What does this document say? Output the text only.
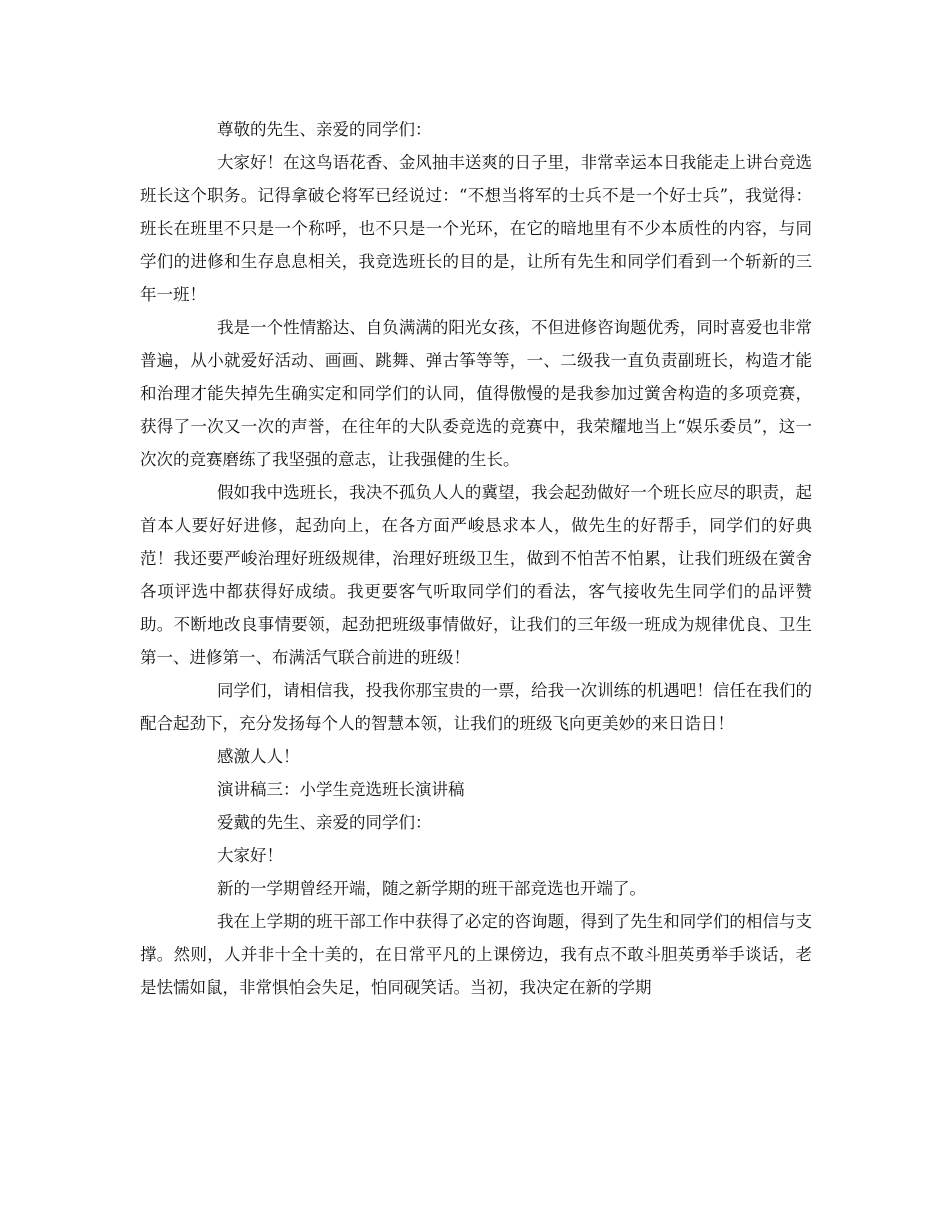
尊敬的先生、亲爱的同学们：

大家好！在这鸟语花香、金风抽丰送爽的日子里，非常幸运本日我能走上讲台竞选班长这个职务。记得拿破仑将军已经说过：“不想当将军的士兵不是一个好士兵”，我觉得：班长在班里不只是一个称呼，也不只是一个光环，在它的暗地里有不少本质性的内容，与同学们的进修和生存息息相关，我竞选班长的目的是，让所有先生和同学们看到一个斩新的三年一班！

我是一个性情豁达、自负满满的阳光女孩，不但进修咨询题优秀，同时喜爱也非常普遍，从小就爱好活动、画画、跳舞、弹古筝等等，一、二级我一直负责副班长，构造才能和治理才能失掉先生确实定和同学们的认同，值得傲慢的是我参加过黉舍构造的多项竞赛，获得了一次又一次的声誉，在往年的大队委竞选的竞赛中，我荣耀地当上“娱乐委员”，这一次次的竞赛磨练了我坚强的意志，让我强健的生长。

假如我中选班长，我决不孤负人人的冀望，我会起劲做好一个班长应尽的职责，起首本人要好好进修，起劲向上，在各方面严峻恳求本人，做先生的好帮手，同学们的好典范！我还要严峻治理好班级规律，治理好班级卫生，做到不怕苦不怕累，让我们班级在黉舍各项评选中都获得好成绩。我更要客气听取同学们的看法，客气接收先生同学们的品评赞助。不断地改良事情要领，起劲把班级事情做好，让我们的三年级一班成为规律优良、卫生第一、进修第一、布满活气联合前进的班级！

同学们，请相信我，投我你那宝贵的一票，给我一次训练的机遇吧！信任在我们的配合起劲下，充分发扬每个人的智慧本领，让我们的班级飞向更美妙的来日诰日！

感激人人！

演讲稿三：小学生竞选班长演讲稿

爱戴的先生、亲爱的同学们：

大家好！

新的一学期曾经开端，随之新学期的班干部竞选也开端了。

我在上学期的班干部工作中获得了必定的咨询题，得到了先生和同学们的相信与支撑。然则，人并非十全十美的，在日常平凡的上课傍边，我有点不敢斗胆英勇举手谈话，老是怯懦如鼠，非常惧怕会失足，怕同砚笑话。当初，我决定在新的学期
